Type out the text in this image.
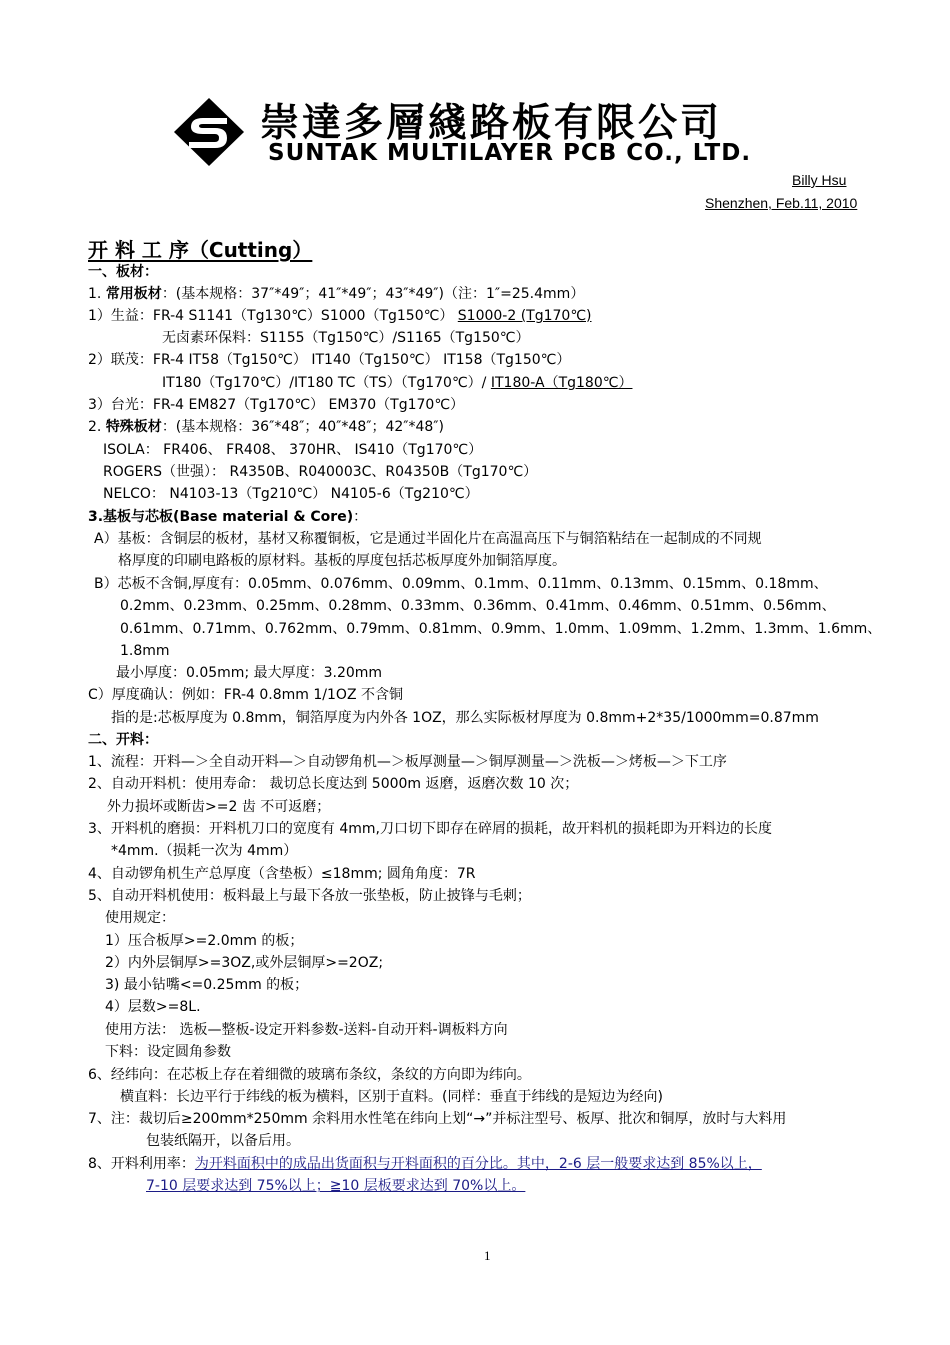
崇達多層綫路板有限公司
SUNTAK MULTILAYER PCB CO., LTD.
Billy Hsu
Shenzhen, Feb.11, 2010
开 料 工 序（Cutting）
一、板材：
1. 常用板材：(基本规格：37″*49″；41″*49″；43″*49″)（注：1″=25.4mm）
1）生益：FR-4 S1141（Tg130℃）S1000（Tg150℃） S1000-2 (Tg170℃)
无卤素环保料：S1155（Tg150℃）/S1165（Tg150℃）
2）联茂：FR-4 IT58（Tg150℃） IT140（Tg150℃） IT158（Tg150℃）
IT180（Tg170℃）/IT180 TC（TS）（Tg170℃）/ IT180-A（Tg180℃）
3）台光：FR-4 EM827（Tg170℃） EM370（Tg170℃）
2. 特殊板材：(基本规格：36″*48″；40″*48″；42″*48″)
ISOLA： FR406、 FR408、 370HR、 IS410（Tg170℃）
ROGERS（世强）： R4350B、R040003C、R04350B（Tg170℃）
NELCO： N4103-13（Tg210℃） N4105-6（Tg210℃）
3.基板与芯板(Base material & Core)：
A）基板：含铜层的板材，基材又称覆铜板，它是通过半固化片在高温高压下与铜箔粘结在一起制成的不同规
格厚度的印刷电路板的原材料。基板的厚度包括芯板厚度外加铜箔厚度。
B）芯板不含铜,厚度有：0.05mm、0.076mm、0.09mm、0.1mm、0.11mm、0.13mm、0.15mm、0.18mm、
0.2mm、0.23mm、0.25mm、0.28mm、0.33mm、0.36mm、0.41mm、0.46mm、0.51mm、0.56mm、
0.61mm、0.71mm、0.762mm、0.79mm、0.81mm、0.9mm、1.0mm、1.09mm、1.2mm、1.3mm、1.6mm、
1.8mm
最小厚度：0.05mm; 最大厚度：3.20mm
C）厚度确认：例如：FR-4 0.8mm 1/1OZ 不含铜
指的是:芯板厚度为 0.8mm，铜箔厚度为内外各 1OZ，那么实际板材厚度为 0.8mm+2*35/1000mm=0.87mm
二、开料：
1、流程：开料—＞全自动开料—＞自动锣角机—＞板厚测量—＞铜厚测量—＞洗板—＞烤板—＞下工序
2、自动开料机：使用寿命： 裁切总长度达到 5000m 返磨，返磨次数 10 次；
外力损坏或断齿>=2 齿 不可返磨；
3、开料机的磨损：开料机刀口的宽度有 4mm,刀口切下即存在碎屑的损耗，故开料机的损耗即为开料边的长度
*4mm.（损耗一次为 4mm）
4、自动锣角机生产总厚度（含垫板）≤18mm; 圆角角度：7R
5、自动开料机使用：板料最上与最下各放一张垫板，防止披锋与毛刺；
使用规定：
1）压合板厚>=2.0mm 的板；
2）内外层铜厚>=3OZ,或外层铜厚>=2OZ;
3) 最小钻嘴<=0.25mm 的板；
4）层数>=8L.
使用方法： 选板—整板-设定开料参数-送料-自动开料-调板料方向
下料：设定圆角参数
6、经纬向：在芯板上存在着细微的玻璃布条纹，条纹的方向即为纬向。
横直料：长边平行于纬线的板为横料，区别于直料。(同样：垂直于纬线的是短边为经向)
7、注：裁切后≥200mm*250mm 余料用水性笔在纬向上划“→”并标注型号、板厚、批次和铜厚，放时与大料用
包装纸隔开，以备后用。
8、开料利用率：为开料面积中的成品出货面积与开料面积的百分比。其中，2-6 层一般要求达到 85%以上，
7-10 层要求达到 75%以上；≧10 层板要求达到 70%以上。
1
